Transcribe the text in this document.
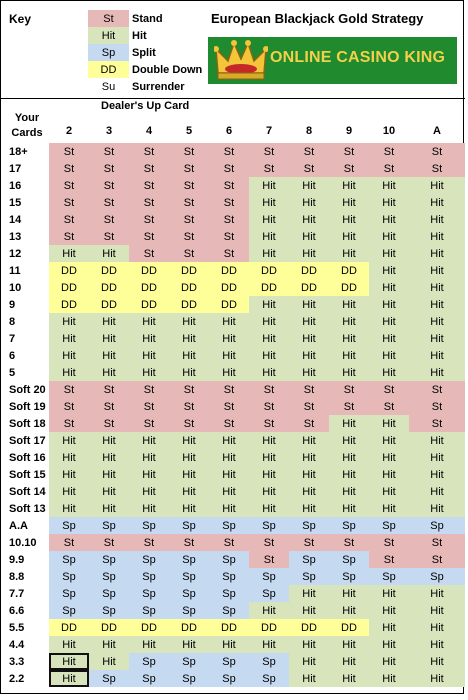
Key	St	Stand
Hit	Hit
Sp	Split
DD	Double Down
Su	Surrender
European Blackjack Gold Strategy
ONLINE CASINO KING
Dealer's Up Card
Your Cards	2	3	4	5	6	7	8	9	10	A
18+	St	St	St	St	St	St	St	St	St	St
17	St	St	St	St	St	St	St	St	St	St
16	St	St	St	St	St	Hit	Hit	Hit	Hit	Hit
15	St	St	St	St	St	Hit	Hit	Hit	Hit	Hit
14	St	St	St	St	St	Hit	Hit	Hit	Hit	Hit
13	St	St	St	St	St	Hit	Hit	Hit	Hit	Hit
12	Hit	Hit	St	St	St	Hit	Hit	Hit	Hit	Hit
11	DD	DD	DD	DD	DD	DD	DD	DD	Hit	Hit
10	DD	DD	DD	DD	DD	DD	DD	DD	Hit	Hit
9	DD	DD	DD	DD	DD	Hit	Hit	Hit	Hit	Hit
8	Hit	Hit	Hit	Hit	Hit	Hit	Hit	Hit	Hit	Hit
7	Hit	Hit	Hit	Hit	Hit	Hit	Hit	Hit	Hit	Hit
6	Hit	Hit	Hit	Hit	Hit	Hit	Hit	Hit	Hit	Hit
5	Hit	Hit	Hit	Hit	Hit	Hit	Hit	Hit	Hit	Hit
Soft 20	St	St	St	St	St	St	St	St	St	St
Soft 19	St	St	St	St	St	St	St	St	St	St
Soft 18	St	St	St	St	St	St	St	Hit	Hit	St
Soft 17	Hit	Hit	Hit	Hit	Hit	Hit	Hit	Hit	Hit	Hit
Soft 16	Hit	Hit	Hit	Hit	Hit	Hit	Hit	Hit	Hit	Hit
Soft 15	Hit	Hit	Hit	Hit	Hit	Hit	Hit	Hit	Hit	Hit
Soft 14	Hit	Hit	Hit	Hit	Hit	Hit	Hit	Hit	Hit	Hit
Soft 13	Hit	Hit	Hit	Hit	Hit	Hit	Hit	Hit	Hit	Hit
A.A	Sp	Sp	Sp	Sp	Sp	Sp	Sp	Sp	Sp	Sp
10.10	St	St	St	St	St	St	St	St	St	St
9.9	Sp	Sp	Sp	Sp	Sp	St	Sp	Sp	St	St
8.8	Sp	Sp	Sp	Sp	Sp	Sp	Sp	Sp	Sp	Sp
7.7	Sp	Sp	Sp	Sp	Sp	Sp	Hit	Hit	Hit	Hit
6.6	Sp	Sp	Sp	Sp	Sp	Hit	Hit	Hit	Hit	Hit
5.5	DD	DD	DD	DD	DD	DD	DD	DD	Hit	Hit
4.4	Hit	Hit	Hit	Hit	Hit	Hit	Hit	Hit	Hit	Hit
3.3	Hit	Hit	Sp	Sp	Sp	Sp	Hit	Hit	Hit	Hit
2.2	Hit	Sp	Sp	Sp	Sp	Sp	Hit	Hit	Hit	Hit
